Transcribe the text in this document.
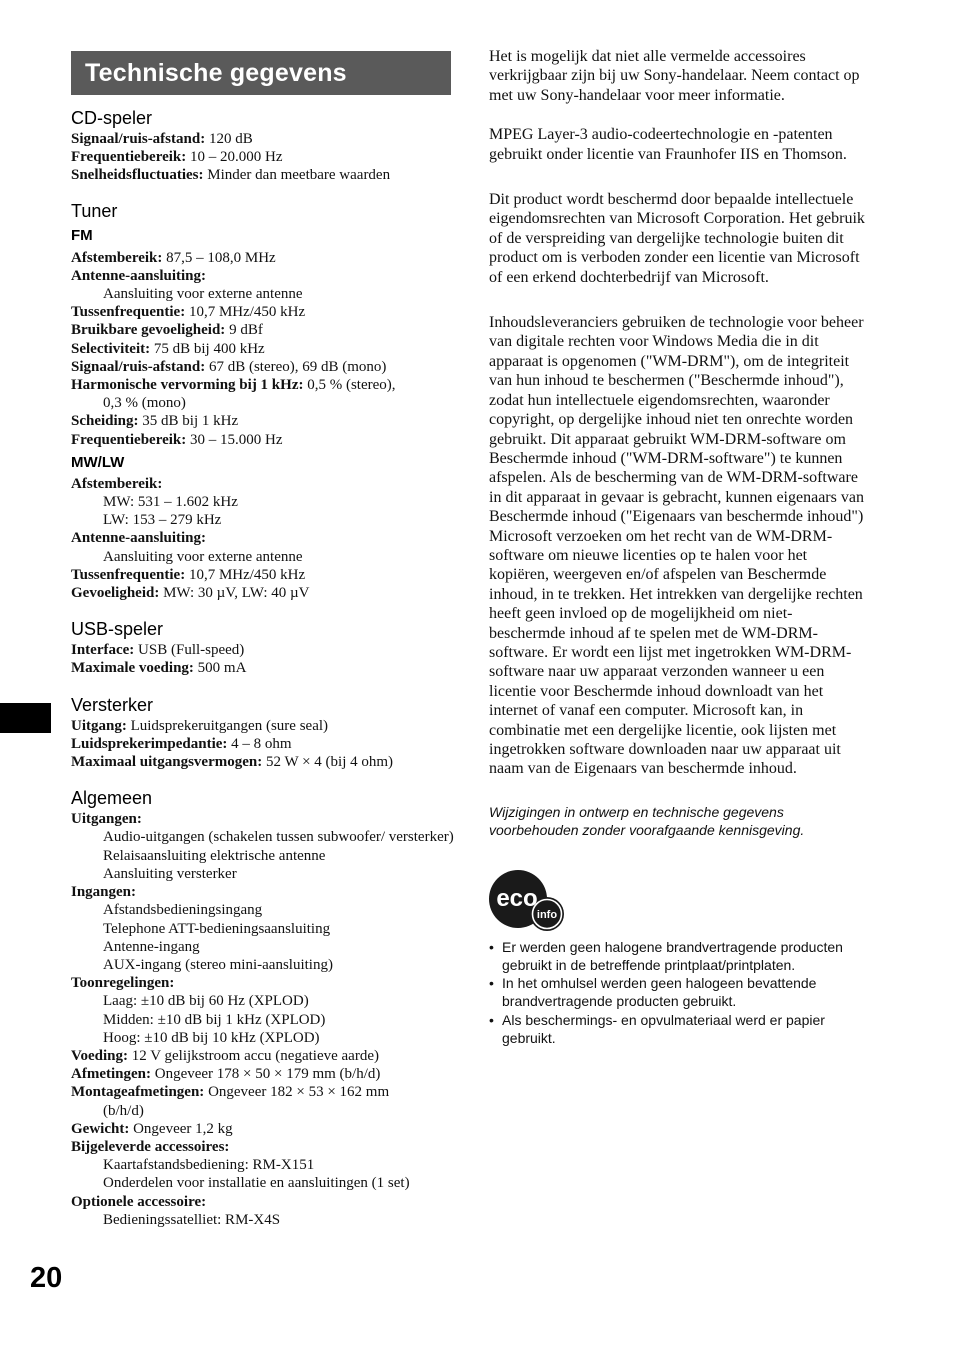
20
Technische gegevens
CD-speler
Signaal/ruis-afstand: 120 dB
Frequentiebereik: 10 – 20.000 Hz
Snelheidsfluctuaties: Minder dan meetbare waarden
Tuner
FM
Afstembereik: 87,5 – 108,0 MHz
Antenne-aansluiting:
Aansluiting voor externe antenne
Tussenfrequentie: 10,7 MHz/450 kHz
Bruikbare gevoeligheid: 9 dBf
Selectiviteit: 75 dB bij 400 kHz
Signaal/ruis-afstand: 67 dB (stereo), 69 dB (mono)
Harmonische vervorming bij 1 kHz: 0,5 % (stereo),
0,3 % (mono)
Scheiding: 35 dB bij 1 kHz
Frequentiebereik: 30 – 15.000 Hz
MW/LW
Afstembereik:
MW: 531 – 1.602 kHz
LW: 153 – 279 kHz
Antenne-aansluiting:
Aansluiting voor externe antenne
Tussenfrequentie: 10,7 MHz/450 kHz
Gevoeligheid: MW: 30 µV, LW: 40 µV
USB-speler
Interface: USB (Full-speed)
Maximale voeding: 500 mA
Versterker
Uitgang: Luidsprekeruitgangen (sure seal)
Luidsprekerimpedantie: 4 – 8 ohm
Maximaal uitgangsvermogen: 52 W × 4 (bij 4 ohm)
Algemeen
Uitgangen:
Audio-uitgangen (schakelen tussen subwoofer/ versterker)
Relaisaansluiting elektrische antenne
Aansluiting versterker
Ingangen:
Afstandsbedieningsingang
Telephone ATT-bedieningsaansluiting
Antenne-ingang
AUX-ingang (stereo mini-aansluiting)
Toonregelingen:
Laag: ±10 dB bij 60 Hz (XPLOD)
Midden: ±10 dB bij 1 kHz (XPLOD)
Hoog: ±10 dB bij 10 kHz (XPLOD)
Voeding: 12 V gelijkstroom accu (negatieve aarde)
Afmetingen: Ongeveer 178 × 50 × 179 mm (b/h/d)
Montageafmetingen: Ongeveer 182 × 53 × 162 mm
(b/h/d)
Gewicht: Ongeveer 1,2 kg
Bijgeleverde accessoires:
Kaartafstandsbediening: RM-X151
Onderdelen voor installatie en aansluitingen (1 set)
Optionele accessoire:
Bedieningssatelliet: RM-X4S

Het is mogelijk dat niet alle vermelde accessoires verkrijgbaar zijn bij uw Sony-handelaar. Neem contact op met uw Sony-handelaar voor meer informatie.

MPEG Layer-3 audio-codeertechnologie en -patenten gebruikt onder licentie van Fraunhofer IIS en Thomson.

Dit product wordt beschermd door bepaalde intellectuele eigendomsrechten van Microsoft Corporation. Het gebruik of de verspreiding van dergelijke technologie buiten dit product om is verboden zonder een licentie van Microsoft of een erkend dochterbedrijf van Microsoft.

Inhoudsleveranciers gebruiken de technologie voor beheer van digitale rechten voor Windows Media die in dit apparaat is opgenomen ("WM-DRM"), om de integriteit van hun inhoud te beschermen ("Beschermde inhoud"), zodat hun intellectuele eigendomsrechten, waaronder copyright, op dergelijke inhoud niet ten onrechte worden gebruikt. Dit apparaat gebruikt WM-DRM-software om Beschermde inhoud ("WM-DRM-software") te kunnen afspelen. Als de bescherming van de WM-DRM-software in dit apparaat in gevaar is gebracht, kunnen eigenaars van Beschermde inhoud ("Eigenaars van beschermde inhoud") Microsoft verzoeken om het recht van de WM-DRM-software om nieuwe licenties op te halen voor het kopiëren, weergeven en/of afspelen van Beschermde inhoud, in te trekken. Het intrekken van dergelijke rechten heeft geen invloed op de mogelijkheid om niet-beschermde inhoud af te spelen met de WM-DRM-software. Er wordt een lijst met ingetrokken WM-DRM-software naar uw apparaat verzonden wanneer u een licentie voor Beschermde inhoud downloadt van het internet of vanaf een computer. Microsoft kan, in combinatie met een dergelijke licentie, ook lijsten met ingetrokken software downloaden naar uw apparaat uit naam van de Eigenaars van beschermde inhoud.

Wijzigingen in ontwerp en technische gegevens voorbehouden zonder voorafgaande kennisgeving.

eco
info
• Er werden geen halogene brandvertragende producten gebruikt in de betreffende printplaat/printplaten.
• In het omhulsel werden geen halogeen bevattende brandvertragende producten gebruikt.
• Als beschermings- en opvulmateriaal werd er papier gebruikt.
